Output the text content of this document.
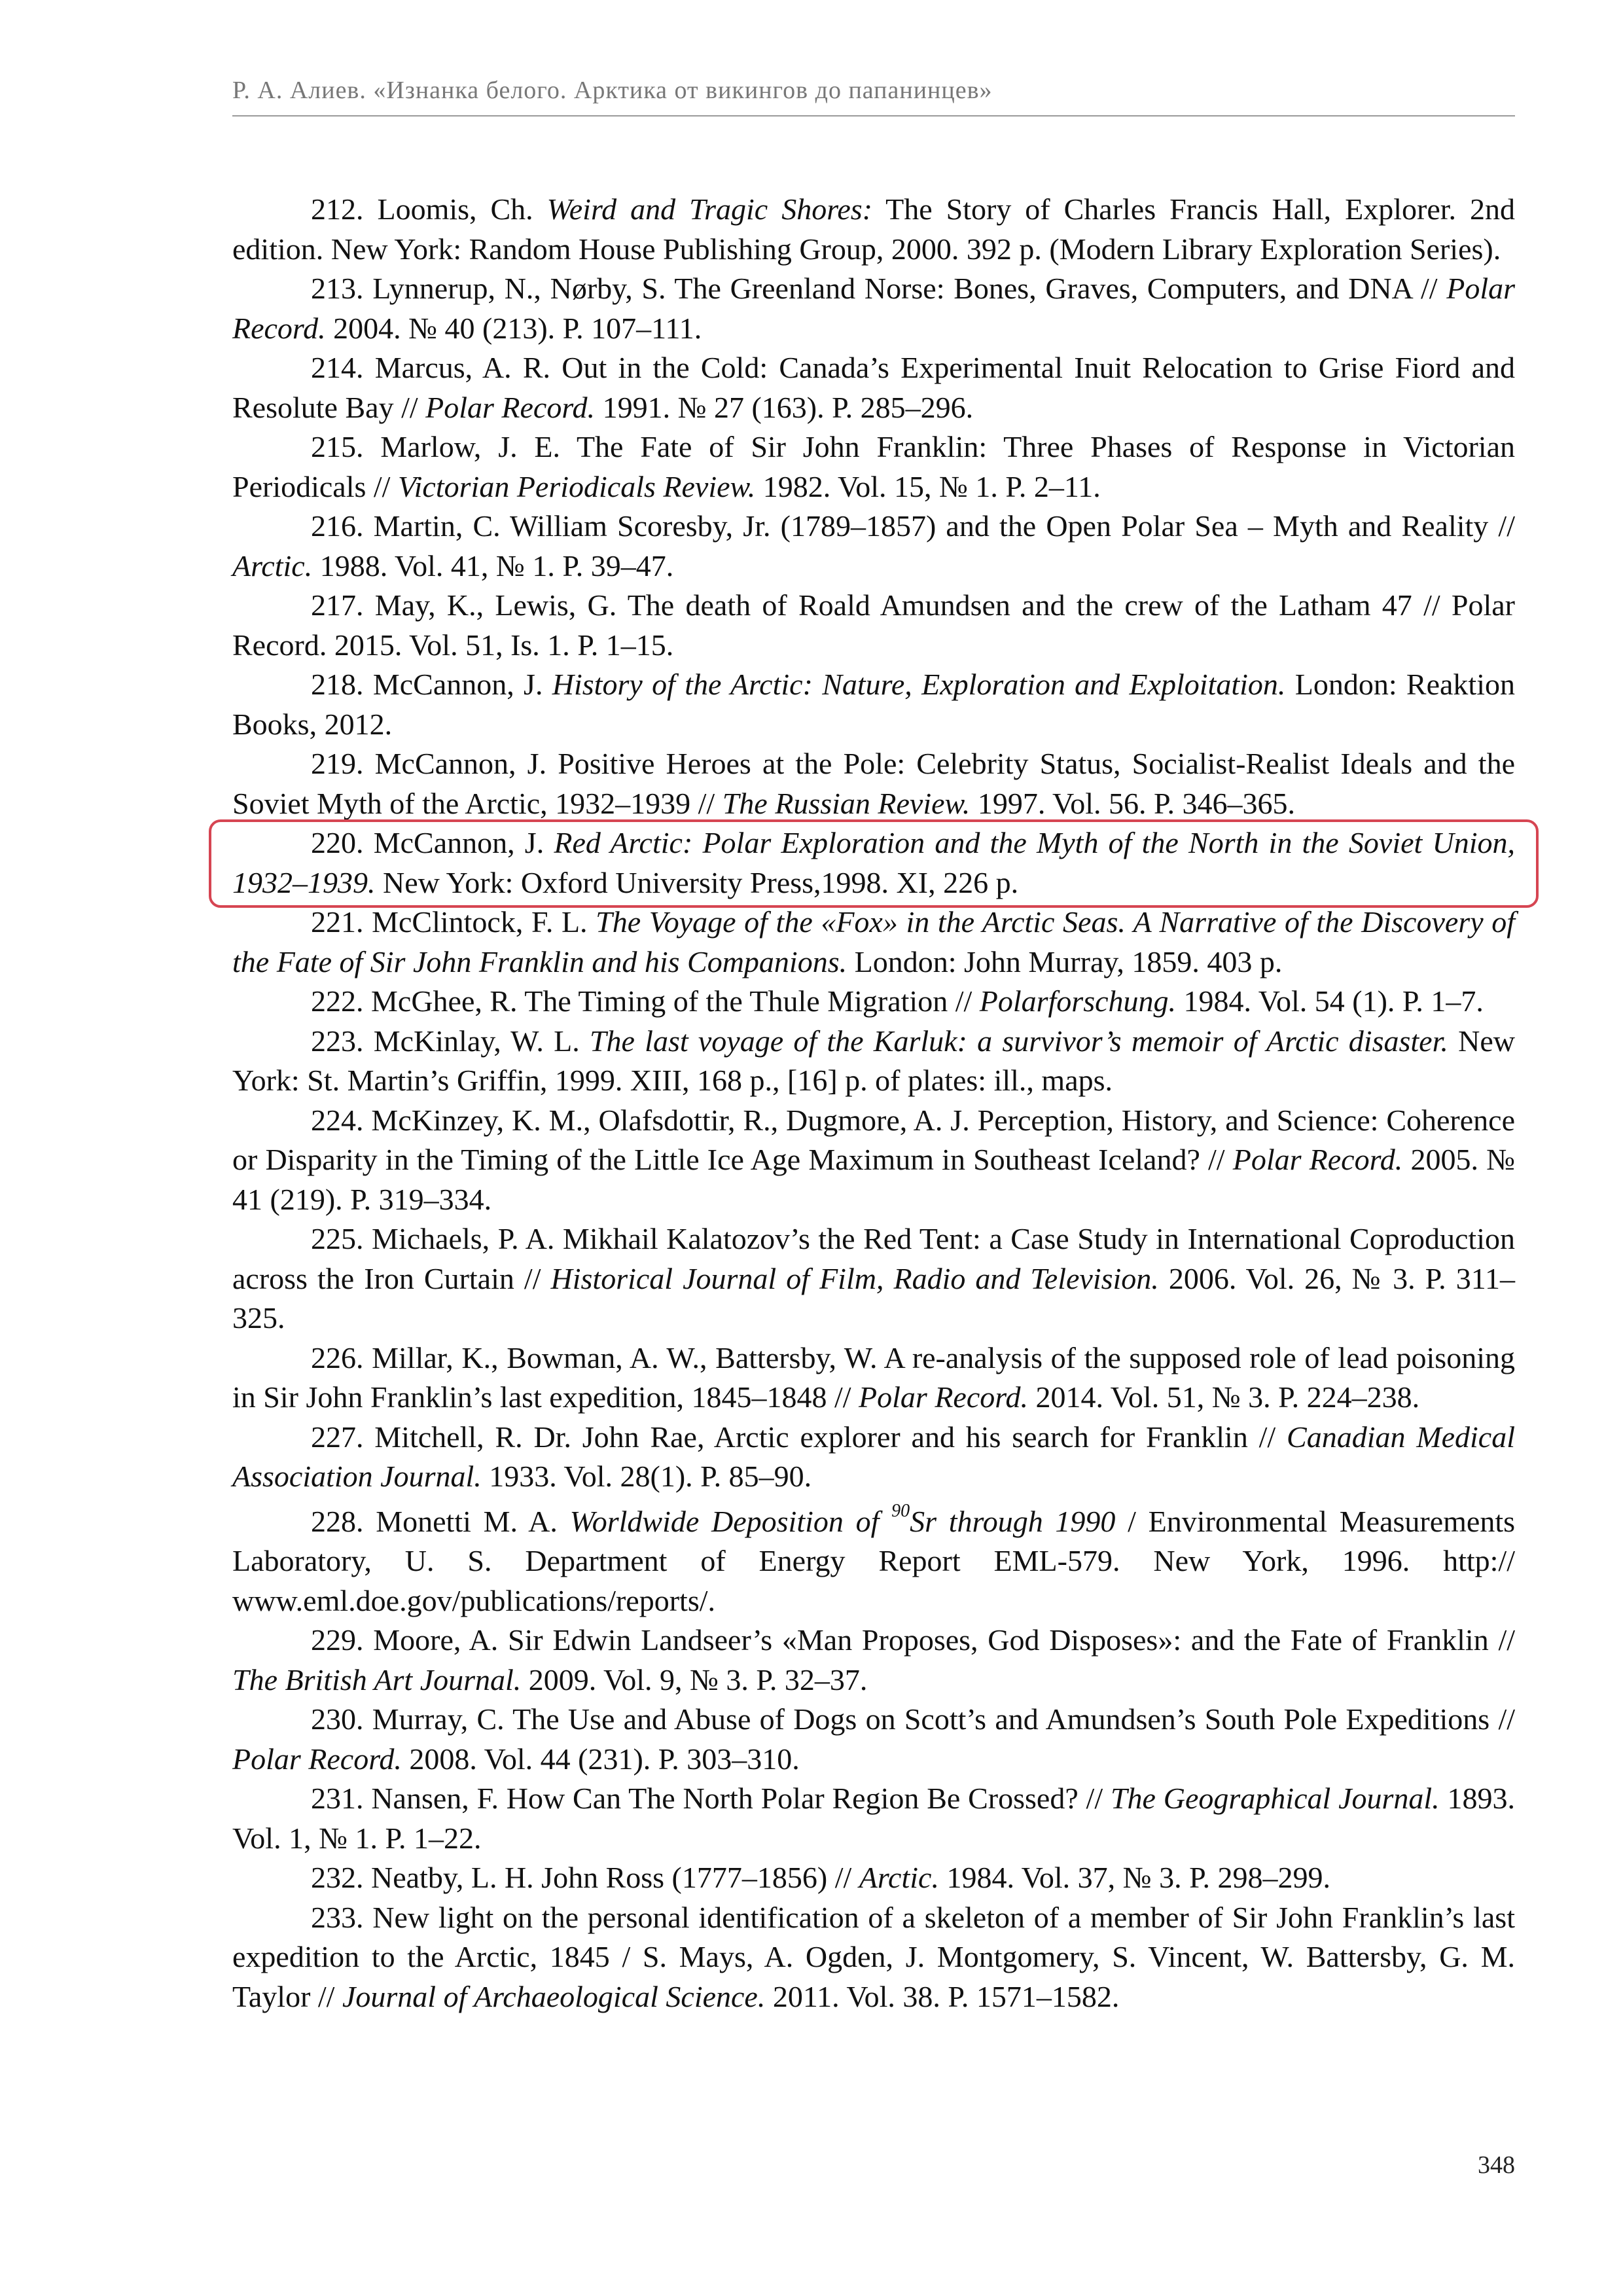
Р. А. Алиев. «Изнанка белого. Арктика от викингов до папанинцев»

212. Loomis, Ch. Weird and Tragic Shores: The Story of Charles Francis Hall, Explorer. 2nd edition. New York: Random House Publishing Group, 2000. 392 p. (Modern Library Exploration Series).

213. Lynnerup, N., Nørby, S. The Greenland Norse: Bones, Graves, Computers, and DNA // Polar Record. 2004. № 40 (213). P. 107–111.

214. Marcus, A. R. Out in the Cold: Canada’s Experimental Inuit Relocation to Grise Fiord and Resolute Bay // Polar Record. 1991. № 27 (163). P. 285–296.

215. Marlow, J. E. The Fate of Sir John Franklin: Three Phases of Response in Victorian Periodicals // Victorian Periodicals Review. 1982. Vol. 15, № 1. P. 2–11.

216. Martin, C. William Scoresby, Jr. (1789–1857) and the Open Polar Sea – Myth and Reality // Arctic. 1988. Vol. 41, № 1. P. 39–47.

217. May, K., Lewis, G. The death of Roald Amundsen and the crew of the Latham 47 // Polar Record. 2015. Vol. 51, Is. 1. P. 1–15.

218. McCannon, J. History of the Arctic: Nature, Exploration and Exploitation. London: Reaktion Books, 2012.

219. McCannon, J. Positive Heroes at the Pole: Celebrity Status, Socialist-Realist Ideals and the Soviet Myth of the Arctic, 1932–1939 // The Russian Review. 1997. Vol. 56. P. 346–365.

220. McCannon, J. Red Arctic: Polar Exploration and the Myth of the North in the Soviet Union, 1932–1939. New York: Oxford University Press,1998. XI, 226 p.

221. McClintock, F. L. The Voyage of the «Fox» in the Arctic Seas. A Narrative of the Discovery of the Fate of Sir John Franklin and his Companions. London: John Murray, 1859. 403 p.

222. McGhee, R. The Timing of the Thule Migration // Polarforschung. 1984. Vol. 54 (1). P. 1–7.

223. McKinlay, W. L. The last voyage of the Karluk: a survivor’s memoir of Arctic disaster. New York: St. Martin’s Griffin, 1999. XIII, 168 p., [16] p. of plates: ill., maps.

224. McKinzey, K. M., Olafsdottir, R., Dugmore, A. J. Perception, History, and Science: Coherence or Disparity in the Timing of the Little Ice Age Maximum in Southeast Iceland? // Polar Record. 2005. № 41 (219). P. 319–334.

225. Michaels, P. A. Mikhail Kalatozov’s the Red Tent: a Case Study in International Coproduction across the Iron Curtain // Historical Journal of Film, Radio and Television. 2006. Vol. 26, № 3. P. 311–325.

226. Millar, K., Bowman, A. W., Battersby, W. A re-analysis of the supposed role of lead poisoning in Sir John Franklin’s last expedition, 1845–1848 // Polar Record. 2014. Vol. 51, № 3. P. 224–238.

227. Mitchell, R. Dr. John Rae, Arctic explorer and his search for Franklin // Canadian Medical Association Journal. 1933. Vol. 28(1). P. 85–90.

228. Monetti M. A. Worldwide Deposition of $^{90}$Sr through 1990 / Environmental Measurements Laboratory, U. S. Department of Energy Report EML-579. New York, 1996. http:// www.eml.doe.gov/publications/reports/.

229. Moore, A. Sir Edwin Landseer’s «Man Proposes, God Disposes»: and the Fate of Franklin // The British Art Journal. 2009. Vol. 9, № 3. P. 32–37.

230. Murray, C. The Use and Abuse of Dogs on Scott’s and Amundsen’s South Pole Expeditions // Polar Record. 2008. Vol. 44 (231). P. 303–310.

231. Nansen, F. How Can The North Polar Region Be Crossed? // The Geographical Journal. 1893. Vol. 1, № 1. P. 1–22.

232. Neatby, L. H. John Ross (1777–1856) // Arctic. 1984. Vol. 37, № 3. P. 298–299.

233. New light on the personal identification of a skeleton of a member of Sir John Franklin’s last expedition to the Arctic, 1845 / S. Mays, A. Ogden, J. Montgomery, S. Vincent, W. Battersby, G. M. Taylor // Journal of Archaeological Science. 2011. Vol. 38. P. 1571–1582.

348
